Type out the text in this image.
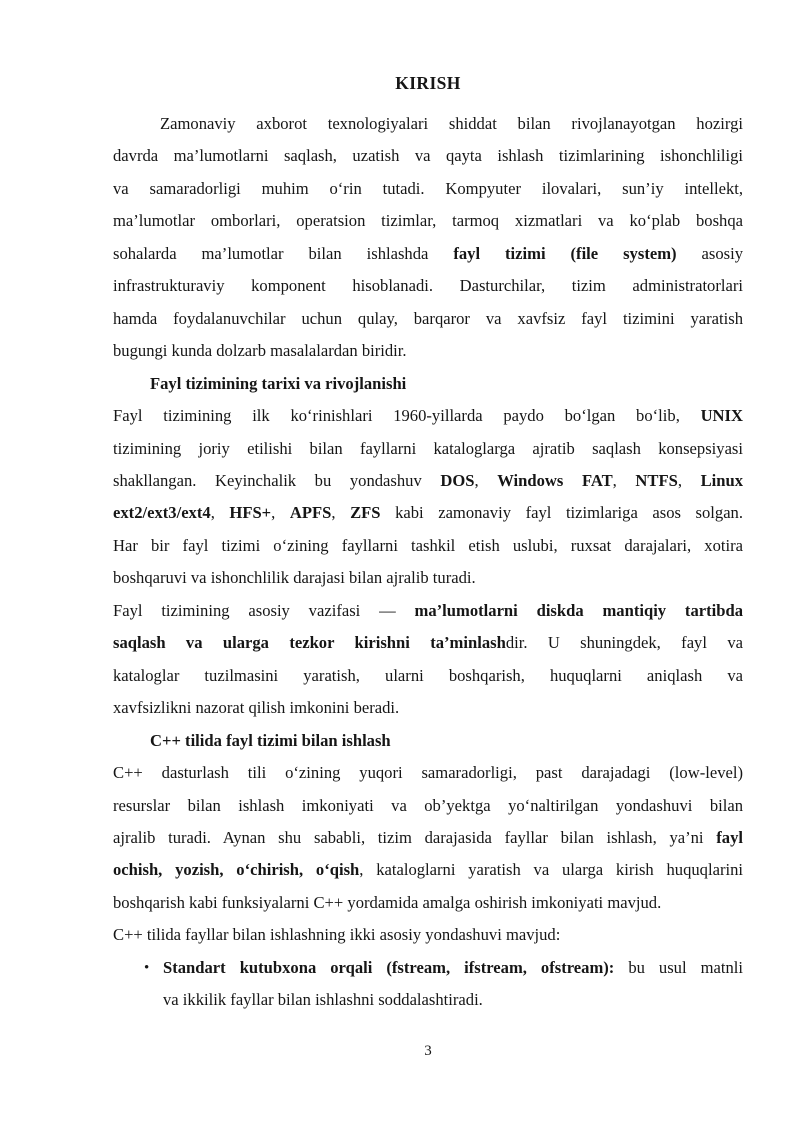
KIRISH
Zamonaviy axborot texnologiyalari shiddat bilan rivojlanayotgan hozirgi
davrda ma’lumotlarni saqlash, uzatish va qayta ishlash tizimlarining ishonchliligi
va samaradorligi muhim o‘rin tutadi. Kompyuter ilovalari, sun’iy intellekt,
ma’lumotlar omborlari, operatsion tizimlar, tarmoq xizmatlari va ko‘plab boshqa
sohalarda ma’lumotlar bilan ishlashda fayl tizimi (file system) asosiy
infrastrukturaviy komponent hisoblanadi. Dasturchilar, tizim administratorlari
hamda foydalanuvchilar uchun qulay, barqaror va xavfsiz fayl tizimini yaratish
bugungi kunda dolzarb masalalardan biridir.
Fayl tizimining tarixi va rivojlanishi
Fayl tizimining ilk ko‘rinishlari 1960-yillarda paydo bo‘lgan bo‘lib, UNIX
tizimining joriy etilishi bilan fayllarni kataloglarga ajratib saqlash konsepsiyasi
shakllangan. Keyinchalik bu yondashuv DOS, Windows FAT, NTFS, Linux
ext2/ext3/ext4, HFS+, APFS, ZFS kabi zamonaviy fayl tizimlariga asos solgan.
Har bir fayl tizimi o‘zining fayllarni tashkil etish uslubi, ruxsat darajalari, xotira
boshqaruvi va ishonchlilik darajasi bilan ajralib turadi.
Fayl tizimining asosiy vazifasi — ma’lumotlarni diskda mantiqiy tartibda
saqlash va ularga tezkor kirishni ta’minlashdir. U shuningdek, fayl va
kataloglar tuzilmasini yaratish, ularni boshqarish, huquqlarni aniqlash va
xavfsizlikni nazorat qilish imkonini beradi.
C++ tilida fayl tizimi bilan ishlash
C++ dasturlash tili o‘zining yuqori samaradorligi, past darajadagi (low-level)
resurslar bilan ishlash imkoniyati va ob’yektga yo‘naltirilgan yondashuvi bilan
ajralib turadi. Aynan shu sababli, tizim darajasida fayllar bilan ishlash, ya’ni fayl
ochish, yozish, o‘chirish, o‘qish, kataloglarni yaratish va ularga kirish huquqlarini
boshqarish kabi funksiyalarni C++ yordamida amalga oshirish imkoniyati mavjud.
C++ tilida fayllar bilan ishlashning ikki asosiy yondashuvi mavjud:
• Standart kutubxona orqali (fstream, ifstream, ofstream): bu usul matnli
va ikkilik fayllar bilan ishlashni soddalashtiradi.
3
